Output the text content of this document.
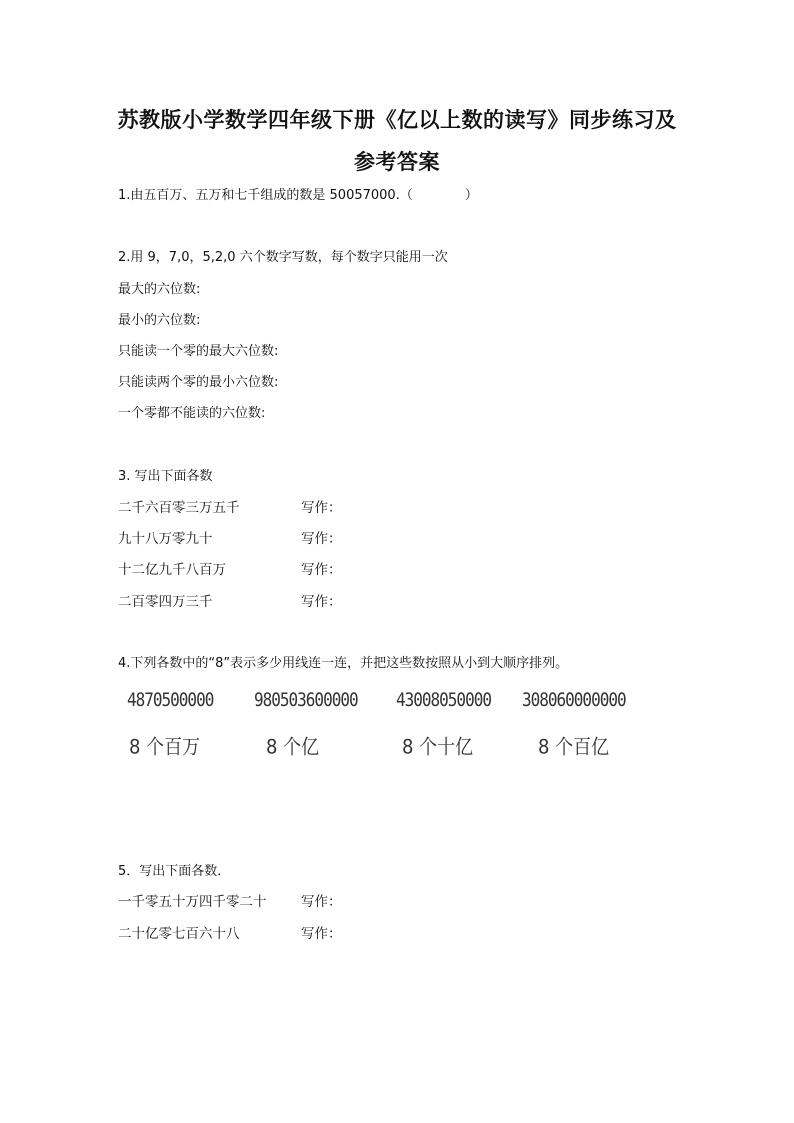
苏教版小学数学四年级下册《亿以上数的读写》同步练习及
参考答案
1.由五百万、五万和七千组成的数是 50057000.（　　　　）
2.用 9，7,0，5,2,0 六个数字写数，每个数字只能用一次
最大的六位数:
最小的六位数:
只能读一个零的最大六位数:
只能读两个零的最小六位数:
一个零都不能读的六位数:
3. 写出下面各数
二千六百零三万五千	写作：
九十八万零九十	写作：
十二亿九千八百万	写作：
二百零四万三千	写作：
4.下列各数中的“8”表示多少用线连一连，并把这些数按照从小到大顺序排列。
4870500000	980503600000 43008050000 308060000000
8 个百万	8 个亿	8 个十亿	8 个百亿
5．写出下面各数．
一千零五十万四千零二十	写作：
二十亿零七百六十八	写作：
